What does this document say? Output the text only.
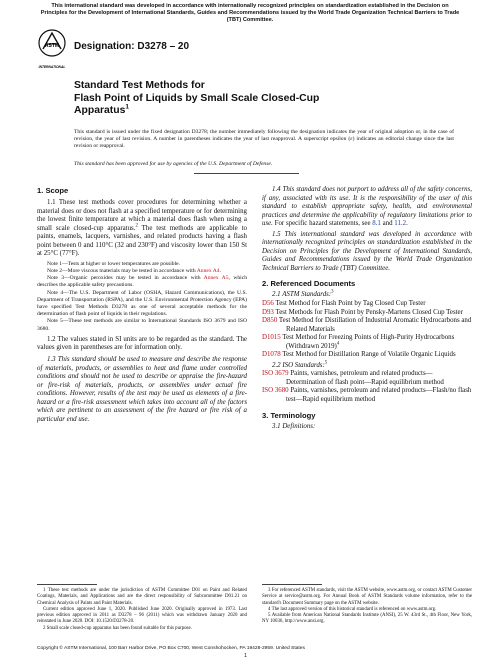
This international standard was developed in accordance with internationally recognized principles on standardization established in the Decision on Principles for the Development of International Standards, Guides and Recommendations issued by the World Trade Organization Technical Barriers to Trade (TBT) Committee.
ASTM
INTERNATIONAL
Designation: D3278 – 20
Standard Test Methods for
Flash Point of Liquids by Small Scale Closed-Cup
Apparatus$^1$
This standard is issued under the fixed designation D3278; the number immediately following the designation indicates the year of original adoption or, in the case of revision, the year of last revision. A number in parentheses indicates the year of last reapproval. A superscript epsilon (ε) indicates an editorial change since the last revision or reapproval.
This standard has been approved for use by agencies of the U.S. Department of Defense.
1. Scope

1.1 These test methods cover procedures for determining whether a material does or does not flash at a specified temperature or for determining the lowest finite temperature at which a material does flash when using a small scale closed-cup apparatus.$^2$ The test methods are applicable to paints, enamels, lacquers, varnishes, and related products having a flash point between 0 and 110°C (32 and 230°F) and viscosity lower than 150 St at 25°C (77°F).

Note 1—Tests at higher or lower temperatures are possible.

Note 2—More viscous materials may be tested in accordance with Annex A4.

Note 3—Organic peroxides may be tested in accordance with Annex A5, which describes the applicable safety precautions.

Note 4—The U.S. Department of Labor (OSHA, Hazard Communications), the U.S. Department of Transportation (RSPA), and the U.S. Environmental Protection Agency (EPA) have specified Test Methods D3278 as one of several acceptable methods for the determination of flash point of liquids in their regulations.

Note 5—These test methods are similar to International Standards ISO 3679 and ISO 3680.

1.2 The values stated in SI units are to be regarded as the standard. The values given in parentheses are for information only.

1.3 This standard should be used to measure and describe the response of materials, products, or assemblies to heat and flame under controlled conditions and should not be used to describe or appraise the fire-hazard or fire-risk of materials, products, or assemblies under actual fire conditions. However, results of the test may be used as elements of a fire-hazard or a fire-risk assessment which takes into account all of the factors which are pertinent to an assessment of the fire hazard or fire risk of a particular end use.

1.4 This standard does not purport to address all of the safety concerns, if any, associated with its use. It is the responsibility of the user of this standard to establish appropriate safety, health, and environmental practices and determine the applicability of regulatory limitations prior to use. For specific hazard statements, see 8.1 and 11.2.

1.5 This international standard was developed in accordance with internationally recognized principles on standardization established in the Decision on Principles for the Development of International Standards, Guides and Recommendations issued by the World Trade Organization Technical Barriers to Trade (TBT) Committee.

2. Referenced Documents

2.1 ASTM Standards:$^3$

D56 Test Method for Flash Point by Tag Closed Cup Tester

D93 Test Methods for Flash Point by Pensky-Martens Closed Cup Tester

D850 Test Method for Distillation of Industrial Aromatic Hydrocarbons and Related Materials

D1015 Test Method for Freezing Points of High-Purity Hydrocarbons (Withdrawn 2019)$^4$

D1078 Test Method for Distillation Range of Volatile Organic Liquids

2.2 ISO Standards:$^5$

ISO 3679 Paints, varnishes, petroleum and related products—Determination of flash point—Rapid equilibrium method

ISO 3680 Paints, varnishes, petroleum and related products—Flash/no flash test—Rapid equilibrium method

3. Terminology

3.1 Definitions:

1 These test methods are under the jurisdiction of ASTM Committee D01 on Paint and Related Coatings, Materials, and Applications and are the direct responsibility of Subcommittee D01.21 on Chemical Analysis of Paints and Paint Materials.

Current edition approved June 1, 2020. Published June 2020. Originally approved in 1973. Last previous edition approved in 2011 as D3278 – 96 (2011) which was withdrawn January 2020 and reinstated in June 2020. DOI: 10.1520/D3278-20.

2 Small scale closed-cup apparatus has been found suitable for this purpose.

3 For referenced ASTM standards, visit the ASTM website, www.astm.org, or contact ASTM Customer Service at service@astm.org. For Annual Book of ASTM Standards volume information, refer to the standard's Document Summary page on the ASTM website.

4 The last approved version of this historical standard is referenced on www.astm.org.

5 Available from American National Standards Institute (ANSI), 25 W. 43rd St., 4th Floor, New York, NY 10036, http://www.ansi.org.

Copyright © ASTM International, 100 Barr Harbor Drive, PO Box C700, West Conshohocken, PA 19428-2959. United States
1
